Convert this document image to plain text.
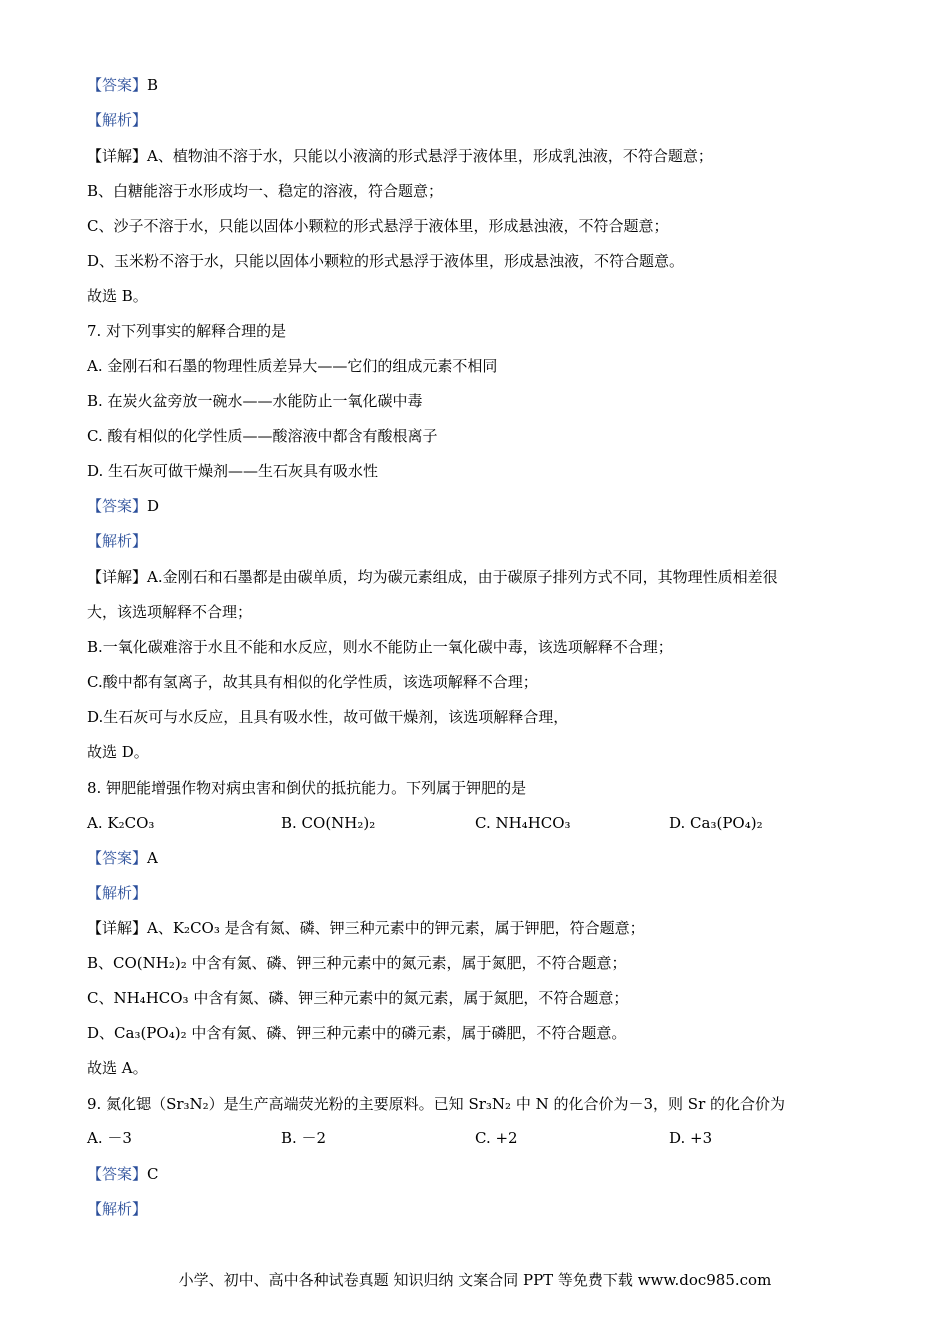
【答案】B
【解析】
【详解】A、植物油不溶于水，只能以小液滴的形式悬浮于液体里，形成乳浊液，不符合题意；
B、白糖能溶于水形成均一、稳定的溶液，符合题意；
C、沙子不溶于水，只能以固体小颗粒的形式悬浮于液体里，形成悬浊液，不符合题意；
D、玉米粉不溶于水，只能以固体小颗粒的形式悬浮于液体里，形成悬浊液，不符合题意。
故选 B。
7. 对下列事实的解释合理的是
A. 金刚石和石墨的物理性质差异大——它们的组成元素不相同
B. 在炭火盆旁放一碗水——水能防止一氧化碳中毒
C. 酸有相似的化学性质——酸溶液中都含有酸根离子
D. 生石灰可做干燥剂——生石灰具有吸水性
【答案】D
【解析】
【详解】A.金刚石和石墨都是由碳单质，均为碳元素组成，由于碳原子排列方式不同，其物理性质相差很
大，该选项解释不合理；
B.一氧化碳难溶于水且不能和水反应，则水不能防止一氧化碳中毒，该选项解释不合理；
C.酸中都有氢离子，故其具有相似的化学性质，该选项解释不合理；
D.生石灰可与水反应，且具有吸水性，故可做干燥剂，该选项解释合理，
故选 D。
8. 钾肥能增强作物对病虫害和倒伏的抵抗能力。下列属于钾肥的是
A. K₂CO₃	B. CO(NH₂)₂	C. NH₄HCO₃	D. Ca₃(PO₄)₂
【答案】A
【解析】
【详解】A、K₂CO₃ 是含有氮、磷、钾三种元素中的钾元素，属于钾肥，符合题意；
B、CO(NH₂)₂ 中含有氮、磷、钾三种元素中的氮元素，属于氮肥，不符合题意；
C、NH₄HCO₃ 中含有氮、磷、钾三种元素中的氮元素，属于氮肥，不符合题意；
D、Ca₃(PO₄)₂ 中含有氮、磷、钾三种元素中的磷元素，属于磷肥，不符合题意。
故选 A。
9. 氮化锶（Sr₃N₂）是生产高端荧光粉的主要原料。已知 Sr₃N₂ 中 N 的化合价为－3，则 Sr 的化合价为
A. －3	B. －2	C. +2	D. +3
【答案】C
【解析】
小学、初中、高中各种试卷真题 知识归纳 文案合同 PPT 等免费下载 www.doc985.com
